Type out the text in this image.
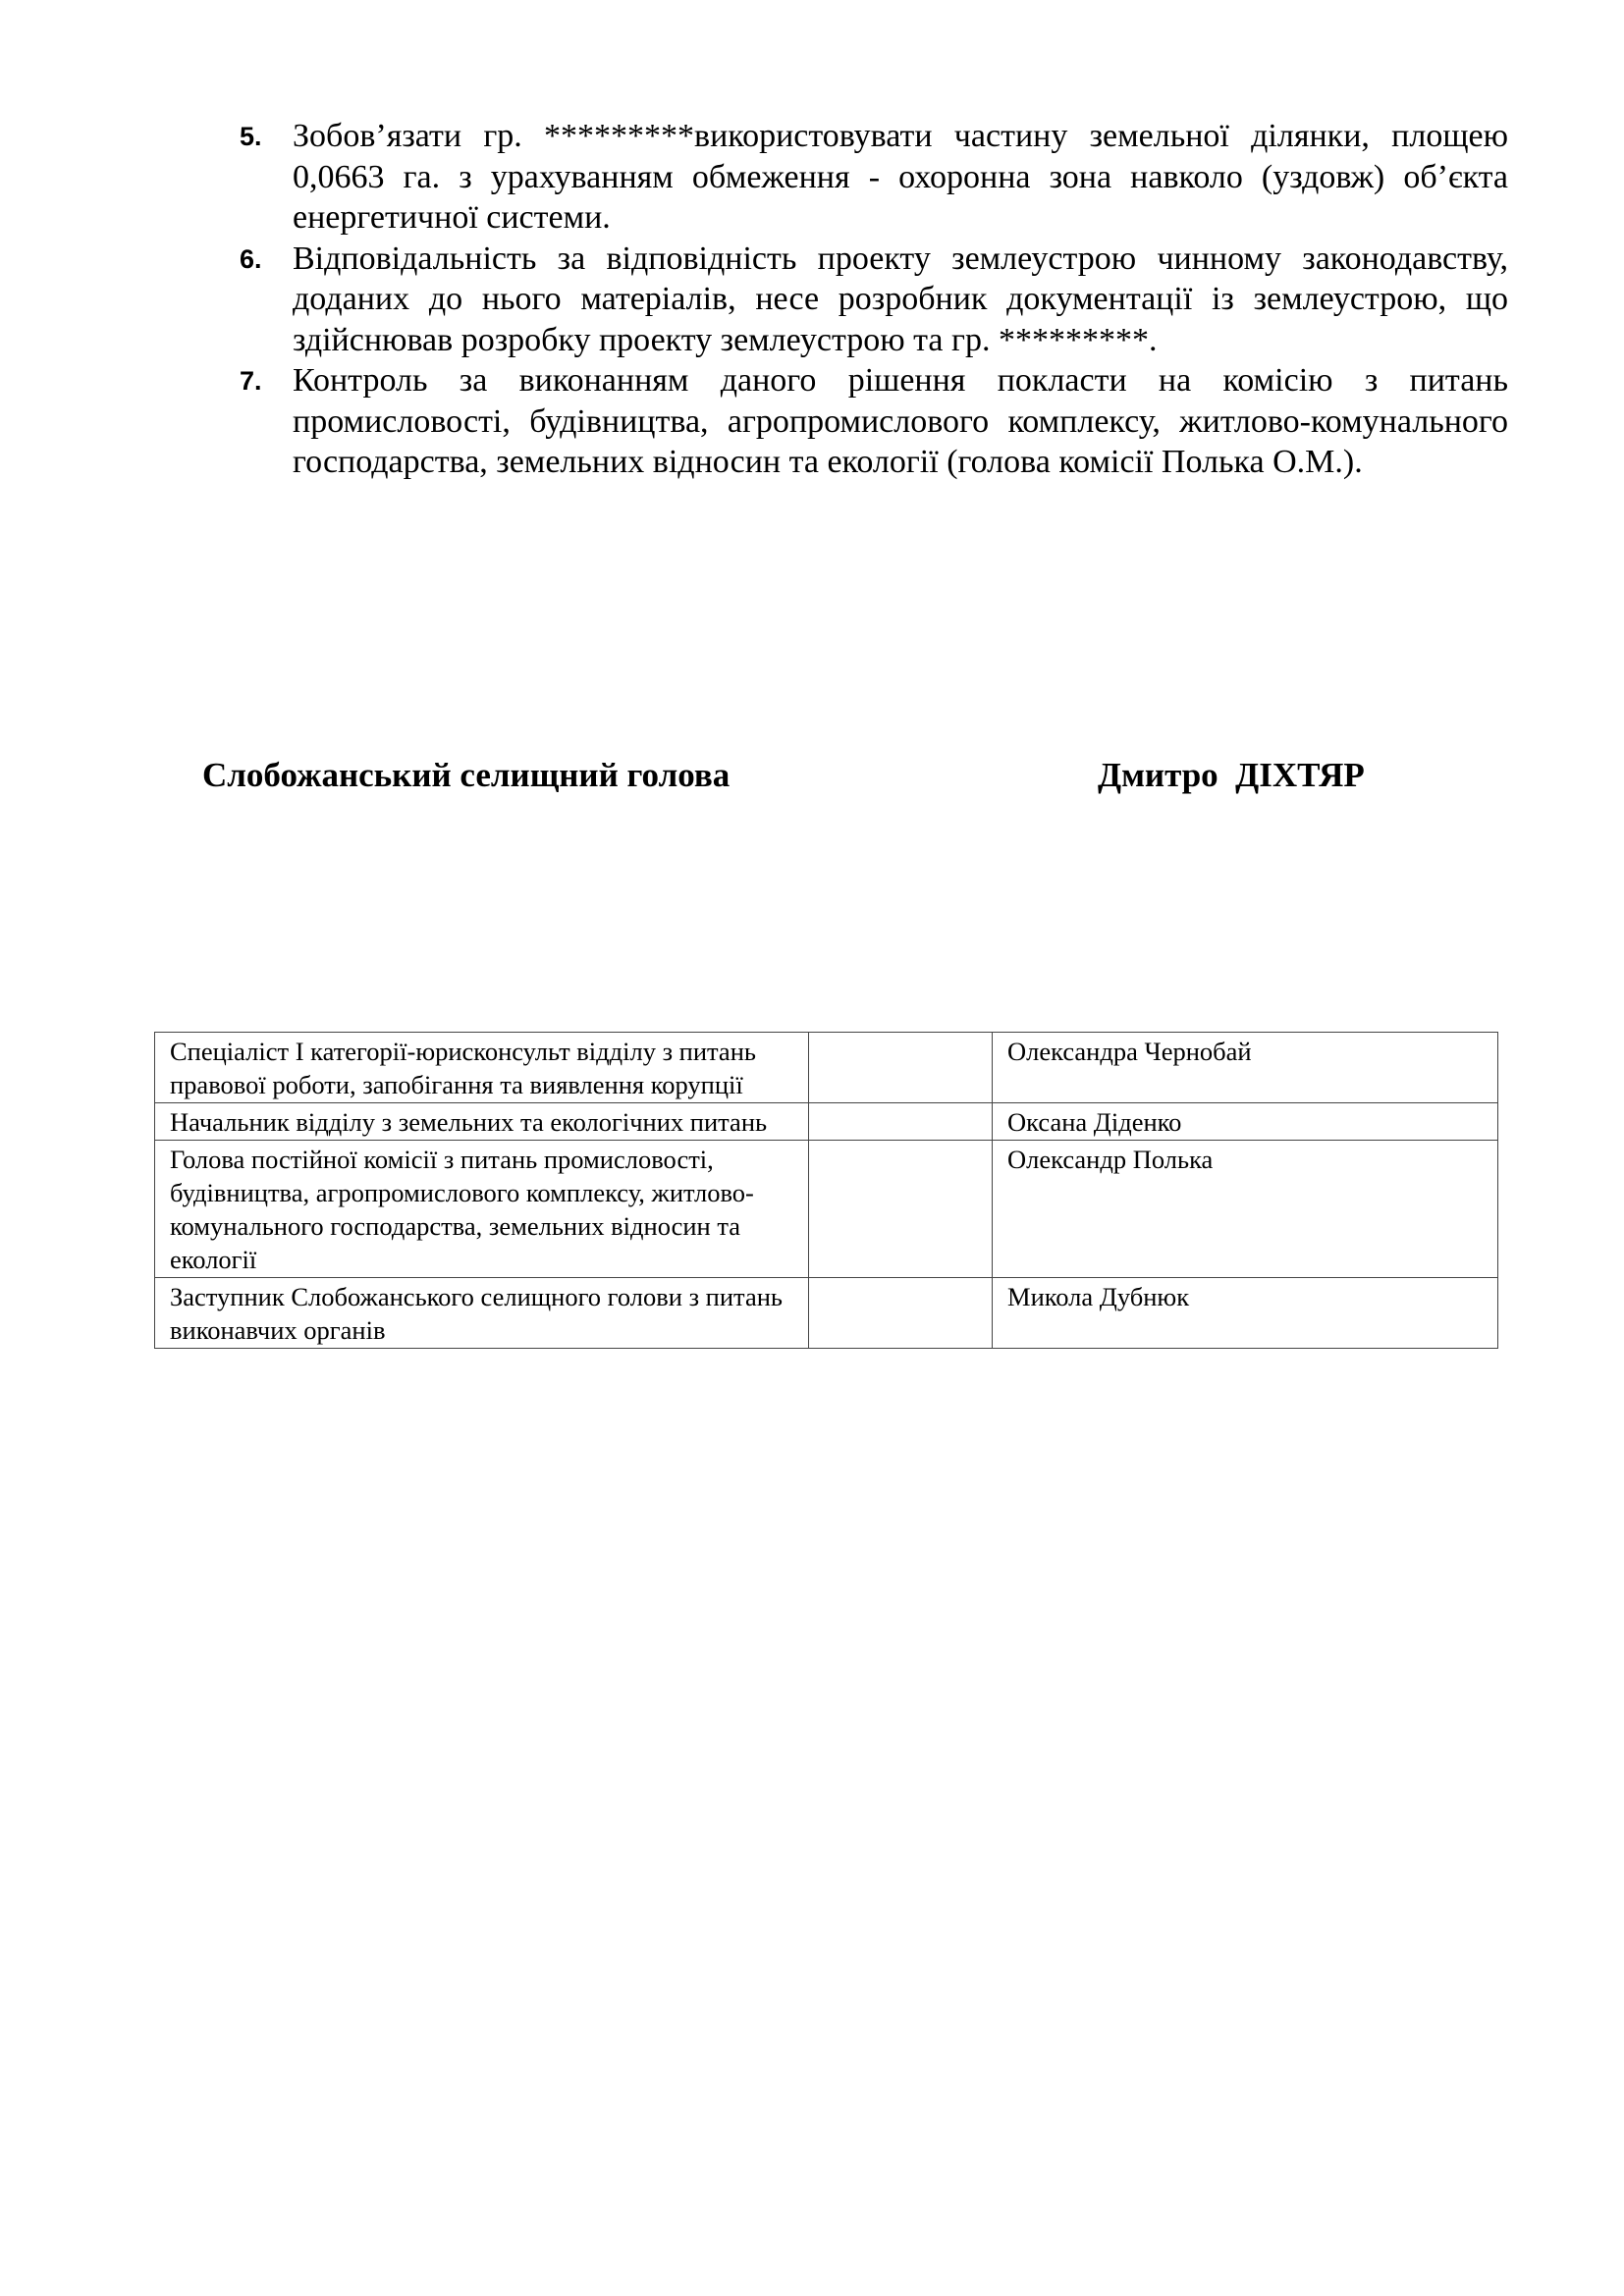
5. Зобов’язати гр. *********використовувати частину земельної ділянки, площею 0,0663 га. з урахуванням обмеження - охоронна зона навколо (уздовж) об’єкта енергетичної системи.
6. Відповідальність за відповідність проекту землеустрою чинному законодавству, доданих до нього матеріалів, несе розробник документації із землеустрою, що здійснював розробку проекту землеустрою та гр. *********.
7. Контроль за виконанням даного рішення покласти на комісію з питань промисловості, будівництва, агропромислового комплексу, житлово-комунального господарства, земельних відносин та екології (голова комісії Полька О.М.).
Слобожанський селищний голова	Дмитро  ДІХТЯР
Спеціаліст І категорії-юрисконсульт відділу з питань правової роботи, запобігання та виявлення корупції		Олександра Чернобай
Начальник відділу з земельних та екологічних питань		Оксана Діденко
Голова постійної комісії з питань промисловості, будівництва, агропромислового комплексу, житлово-комунального господарства, земельних відносин та екології		Олександр Полька
Заступник Слобожанського селищного голови з питань виконавчих органів		Микола Дубнюк
